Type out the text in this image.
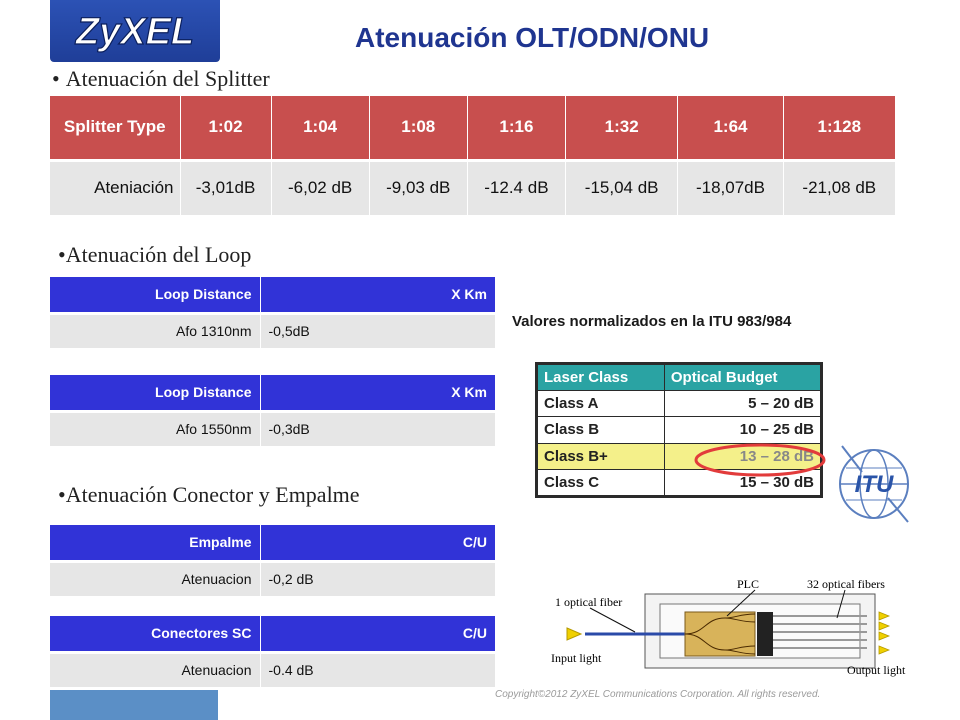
ZyXEL	Atenuación OLT/ODN/ONU
• Atenuación del Splitter
Splitter Type	1:02	1:04	1:08	1:16	1:32	1:64	1:128
Ateniación	-3,01dB	-6,02 dB	-9,03 dB	-12.4 dB	-15,04 dB	-18,07dB	-21,08 dB
•Atenuación del Loop
Loop Distance	X Km
Afo 1310nm	-0,5dB
Loop Distance	X Km
Afo 1550nm	-0,3dB
•Atenuación Conector y Empalme
Empalme	C/U
Atenuacion	-0,2 dB
Conectores SC	C/U
Atenuacion	-0.4 dB
Valores normalizados en la ITU 983/984
Laser Class	Optical Budget
Class A	5 – 20 dB
Class B	10 – 25 dB
Class B+	13 – 28 dB
Class C	15 – 30 dB ITU
1 optical fiber
PLC	32 optical fibers
Input light
Output light
Copyright©2012 ZyXEL Communications Corporation. All rights reserved.
